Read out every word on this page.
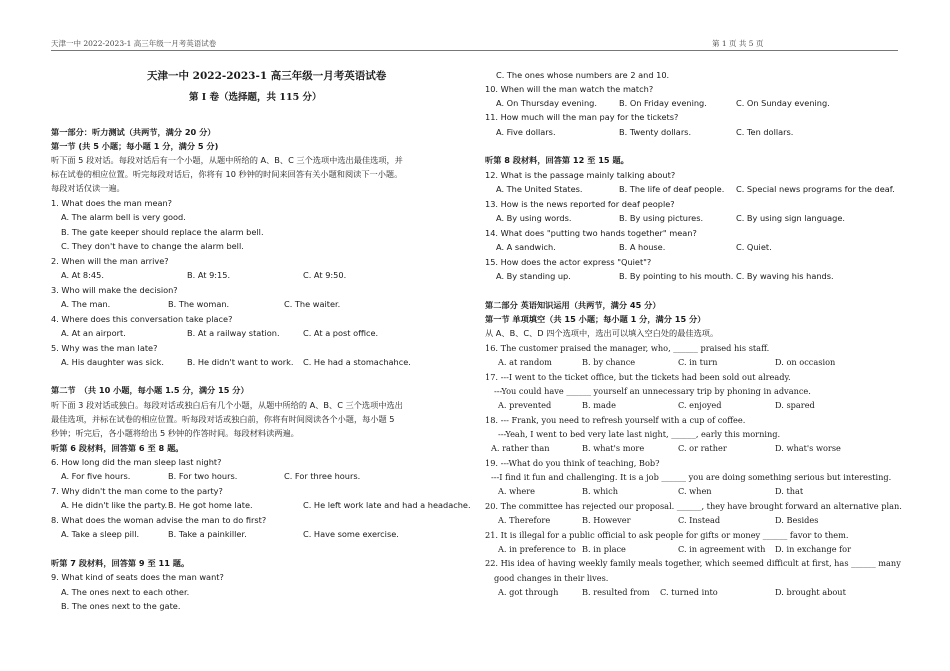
天津一中 2022-2023-1 高三年级一月考英语试卷	第 1 页 共 5 页
天津一中 2022-2023-1 高三年级一月考英语试卷
第 I 卷（选择题，共 115 分）
第一部分：听力测试（共两节，满分 20 分）
第一节 (共 5 小题；每小题 1 分，满分 5 分)
听下面 5 段对话。每段对话后有一个小题，从题中所给的 A、B、C 三个选项中选出最佳选项，并
标在试卷的相应位置。听完每段对话后，你将有 10 秒钟的时间来回答有关小题和阅读下一小题。
每段对话仅读一遍。
1. What does the man mean?
A. The alarm bell is very good.
B. The gate keeper should replace the alarm bell.
C. They don't have to change the alarm bell.
2. When will the man arrive?
A. At 8:45.	B. At 9:15.	C. At 9:50.
3. Who will make the decision?
A. The man.	B. The woman.	C. The waiter.
4. Where does this conversation take place?
A. At an airport.	B. At a railway station.	C. At a post office.
5. Why was the man late?
A. His daughter was sick.	B. He didn't want to work. C. He had a stomachahce.
第二节　（共 10 小题，每小题 1.5 分，满分 15 分）
听下面 3 段对话或独白。每段对话或独白后有几个小题，从题中所给的 A、B、C 三个选项中选出
最佳选项，并标在试卷的相应位置。听每段对话或独白前，你将有时间阅读各个小题，每小题 5
秒钟；听完后，各小题将给出 5 秒钟的作答时间。每段材料读两遍。
听第 6 段材料，回答第 6 至 8 题。
6. How long did the man sleep last night?
A. For five hours.	B. For two hours.	C. For three hours.
7. Why didn't the man come to the party?
A. He didn't like the party. B. He got home late.	C. He left work late and had a headache.
8. What does the woman advise the man to do first?
A. Take a sleep pill.	B. Take a painkiller.	C. Have some exercise.
听第 7 段材料，回答第 9 至 11 题。
9. What kind of seats does the man want?
A. The ones next to each other.
B. The ones next to the gate.
C. The ones whose numbers are 2 and 10.
10. When will the man watch the match?
A. On Thursday evening.	B. On Friday evening.	C. On Sunday evening.
11. How much will the man pay for the tickets?
A. Five dollars.	B. Twenty dollars.	C. Ten dollars.
听第 8 段材料，回答第 12 至 15 题。
12. What is the passage mainly talking about?
A. The United States.	B. The life of deaf people. C. Special news programs for the deaf.
13. How is the news reported for deaf people?
A. By using words.	B. By using pictures.	C. By using sign language.
14. What does "putting two hands together" mean?
A. A sandwich.	B. A house.	C. Quiet.
15. How does the actor express "Quiet"?
A. By standing up.	B. By pointing to his mouth. C. By waving his hands.
第二部分 英语知识运用（共两节，满分 45 分）
第一节 单项填空（共 15 小题；每小题 1 分，满分 15 分）
从 A、B、C、D 四个选项中，选出可以填入空白处的最佳选项。
16. The customer praised the manager, who, ______ praised his staff.
A. at random	B. by chance	C. in turn	D. on occasion
17. ---I went to the ticket office, but the tickets had been sold out already.
---You could have ______ yourself an unnecessary trip by phoning in advance.
A. prevented	B. made	C. enjoyed	D. spared
18. --- Frank, you need to refresh yourself with a cup of coffee.
---Yeah, I went to bed very late last night, ______, early this morning.
A. rather than	B. what's more	C. or rather	D. what's worse
19. ---What do you think of teaching, Bob?
---I find it fun and challenging. It is a job ______ you are doing something serious but interesting.
A. where	B. which	C. when	D. that
20. The committee has rejected our proposal. ______, they have brought forward an alternative plan.
A. Therefore	B. However	C. Instead	D. Besides
21. It is illegal for a public official to ask people for gifts or money ______ favor to them.
A. in preference to B. in place	C. in agreement with D. in exchange for
22. His idea of having weekly family meals together, which seemed difficult at first, has ______ many
good changes in their lives.
A. got through	B. resulted from C. turned into	D. brought about
